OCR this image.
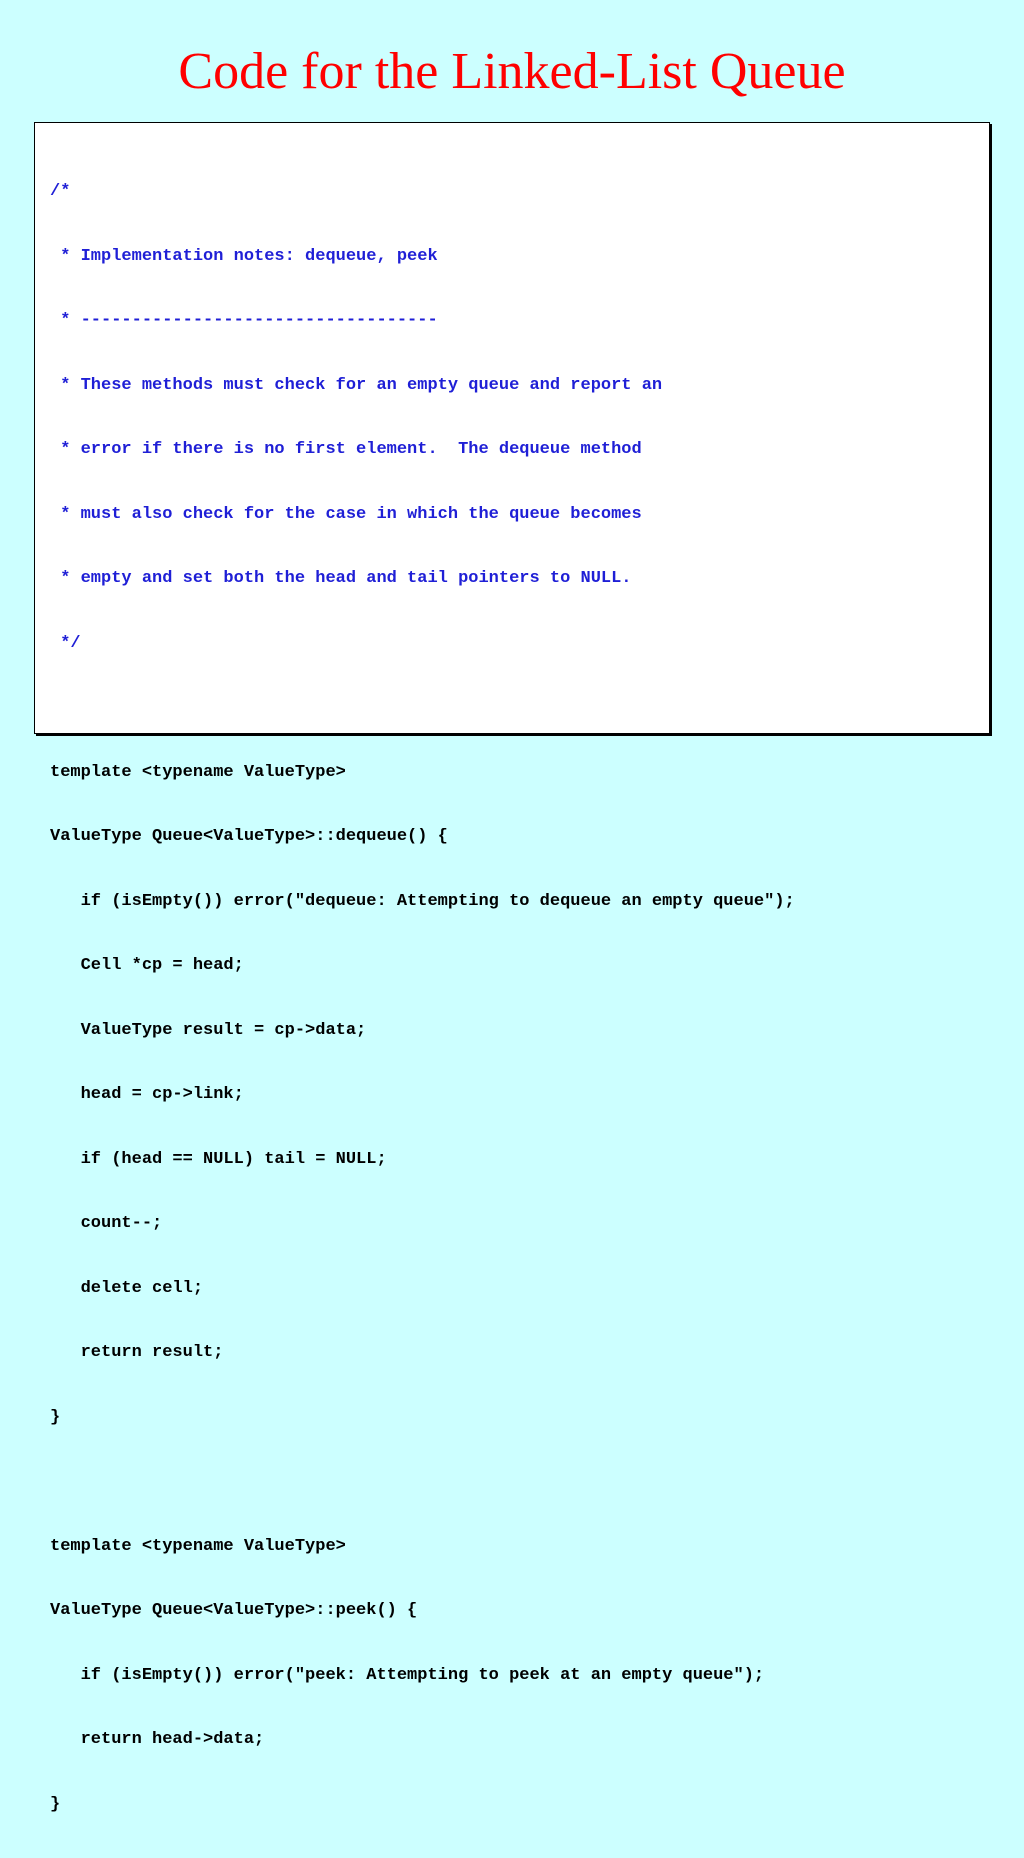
Code for the Linked-List Queue

/*

* Implementation notes: dequeue, peek

* -----------------------------------

* These methods must check for an empty queue and report an

* error if there is no first element.  The dequeue method

* must also check for the case in which the queue becomes

* empty and set both the head and tail pointers to NULL.

*/

template <typename ValueType>

ValueType Queue<ValueType>::dequeue() {

if (isEmpty()) error("dequeue: Attempting to dequeue an empty queue");

Cell *cp = head;

ValueType result = cp->data;

head = cp->link;

if (head == NULL) tail = NULL;

count--;

delete cell;

return result;

}

template <typename ValueType>

ValueType Queue<ValueType>::peek() {

if (isEmpty()) error("peek: Attempting to peek at an empty queue");

return head->data;

}
